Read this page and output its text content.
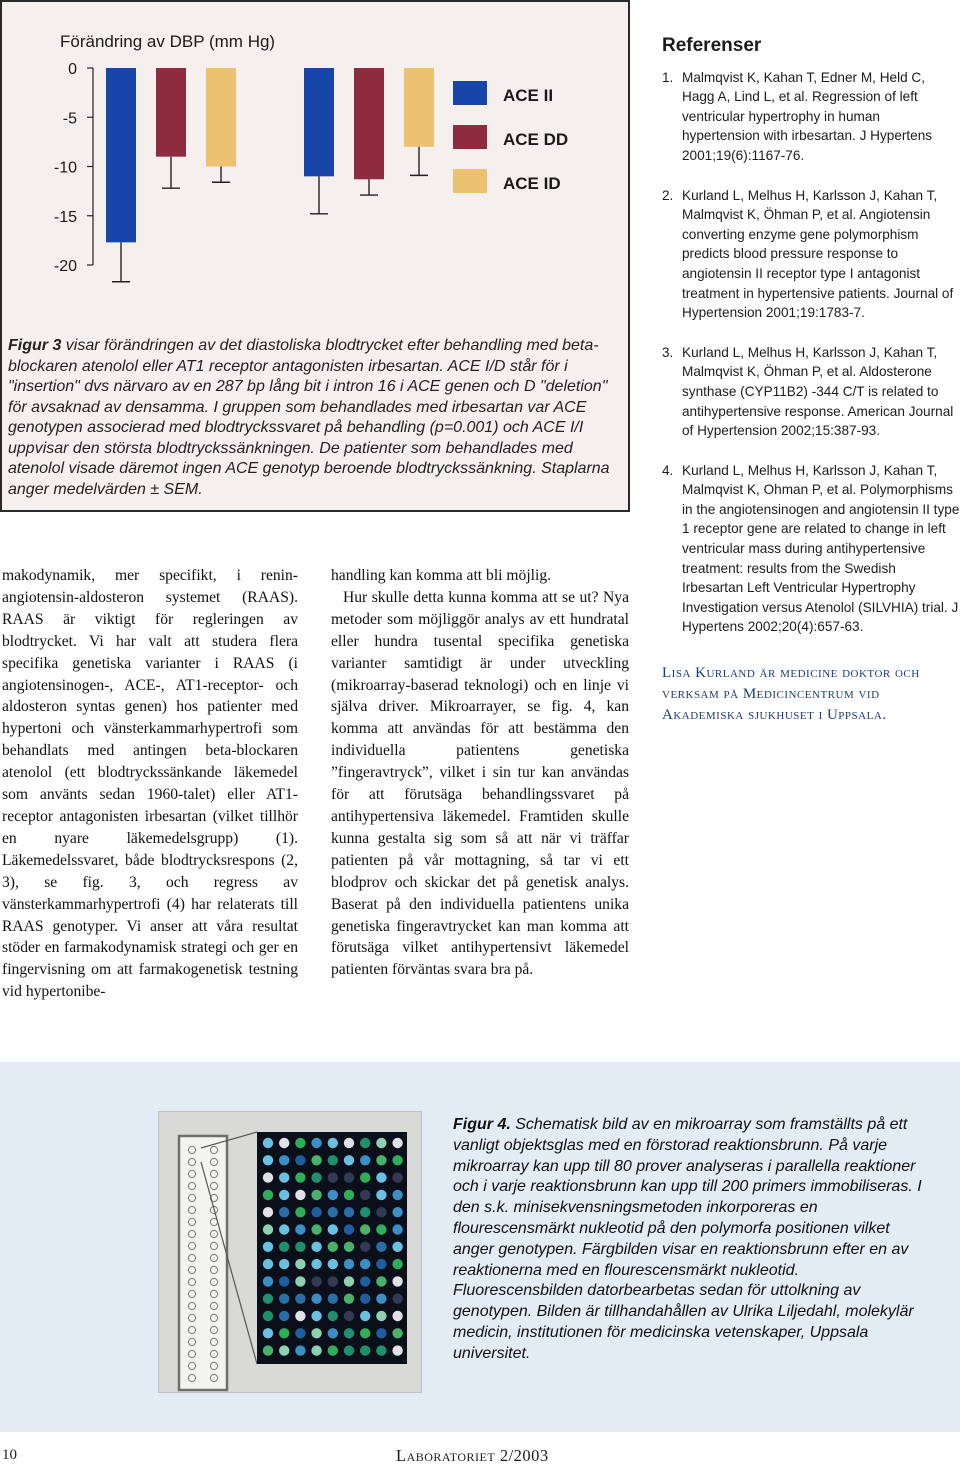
Förändring av DBP (mm Hg)
0
-5
-10
-15
-20
ACE II
ACE DD
ACE ID
Figur 3 visar förändringen av det diastoliska blodtrycket efter behandling med beta-blockaren atenolol eller AT1 receptor antagonisten irbesartan. ACE I/D står för i "insertion" dvs närvaro av en 287 bp lång bit i intron 16 i ACE genen och D "deletion" för avsaknad av densamma. I gruppen som behandlades med irbesartan var ACE genotypen associerad med blodtryckssvaret på behandling (p=0.001) och ACE I/I uppvisar den största blodtryckssänkningen. De patienter som behandlades med atenolol visade däremot ingen ACE genotyp beroende blodtryckssänkning. Staplarna anger medelvärden ± SEM.
Referenser
1. Malmqvist K, Kahan T, Edner M, Held C, Hagg A, Lind L, et al. Regression of left ventricular hypertrophy in human hypertension with irbesartan. J Hypertens 2001;19(6):1167-76.
2. Kurland L, Melhus H, Karlsson J, Kahan T, Malmqvist K, Öhman P, et al. Angiotensin converting enzyme gene polymorphism predicts blood pressure response to angiotensin II receptor type I antagonist treatment in hypertensive patients. Journal of Hypertension 2001;19:1783-7.
3. Kurland L, Melhus H, Karlsson J, Kahan T, Malmqvist K, Öhman P, et al. Aldosterone synthase (CYP11B2) -344 C/T is related to antihypertensive response. American Journal of Hypertension 2002;15:387-93.
4. Kurland L, Melhus H, Karlsson J, Kahan T, Malmqvist K, Ohman P, et al. Polymorphisms in the angiotensinogen and angiotensin II type 1 receptor gene are related to change in left ventricular mass during antihypertensive treatment: results from the Swedish Irbesartan Left Ventricular Hypertrophy Investigation versus Atenolol (SILVHIA) trial. J Hypertens 2002;20(4):657-63.
Lisa Kurland är medicine doktor och verksam på Medicincentrum vid Akademiska sjukhuset i Uppsala.

makodynamik, mer specifikt, i renin-angiotensin-aldosteron systemet (RAAS). RAAS är viktigt för regleringen av blodtrycket. Vi har valt att studera flera specifika genetiska varianter i RAAS (i angiotensinogen-, ACE-, AT1-receptor- och aldosteron syntas genen) hos patienter med hypertoni och vänsterkammarhypertrofi som behandlats med antingen beta-blockaren atenolol (ett blodtryckssänkande läkemedel som använts sedan 1960-talet) eller AT1-receptor antagonisten irbesartan (vilket tillhör en nyare läkemedelsgrupp) (1). Läkemedelssvaret, både blodtrycksrespons (2, 3), se fig. 3, och regress av vänsterkammarhypertrofi (4) har relaterats till RAAS genotyper. Vi anser att våra resultat stöder en farmakodynamisk strategi och ger en fingervisning om att farmakogenetisk testning vid hypertonibe-

handling kan komma att bli möjlig.

Hur skulle detta kunna komma att se ut? Nya metoder som möjliggör analys av ett hundratal eller hundra tusental specifika genetiska varianter samtidigt är under utveckling (mikroarray-baserad teknologi) och en linje vi själva driver. Mikroarrayer, se fig. 4, kan komma att användas för att bestämma den individuella patientens genetiska ”fingeravtryck”, vilket i sin tur kan användas för att förutsäga behandlingssvaret på antihypertensiva läkemedel. Framtiden skulle kunna gestalta sig som så att när vi träffar patienten på vår mottagning, så tar vi ett blodprov och skickar det på genetisk analys. Baserat på den individuella patientens unika genetiska fingeravtrycket kan man komma att förutsäga vilket antihypertensivt läkemedel patienten förväntas svara bra på.

Figur 4. Schematisk bild av en mikroarray som framställts på ett vanligt objektsglas med en förstorad reaktionsbrunn. På varje mikroarray kan upp till 80 prover analyseras i parallella reaktioner och i varje reaktionsbrunn kan upp till 200 primers immobiliseras. I den s.k. minisekvensningsmetoden inkorporeras en flourescensmärkt nukleotid på den polymorfa positionen vilket anger genotypen. Färgbilden visar en reaktionsbrunn efter en av reaktionerna med en flourescensmärkt nukleotid. Fluorescensbilden datorbearbetas sedan för uttolkning av genotypen. Bilden är tillhandahållen av Ulrika Liljedahl, molekylär medicin, institutionen för medicinska vetenskaper, Uppsala universitet.
10	Laboratoriet 2/2003
